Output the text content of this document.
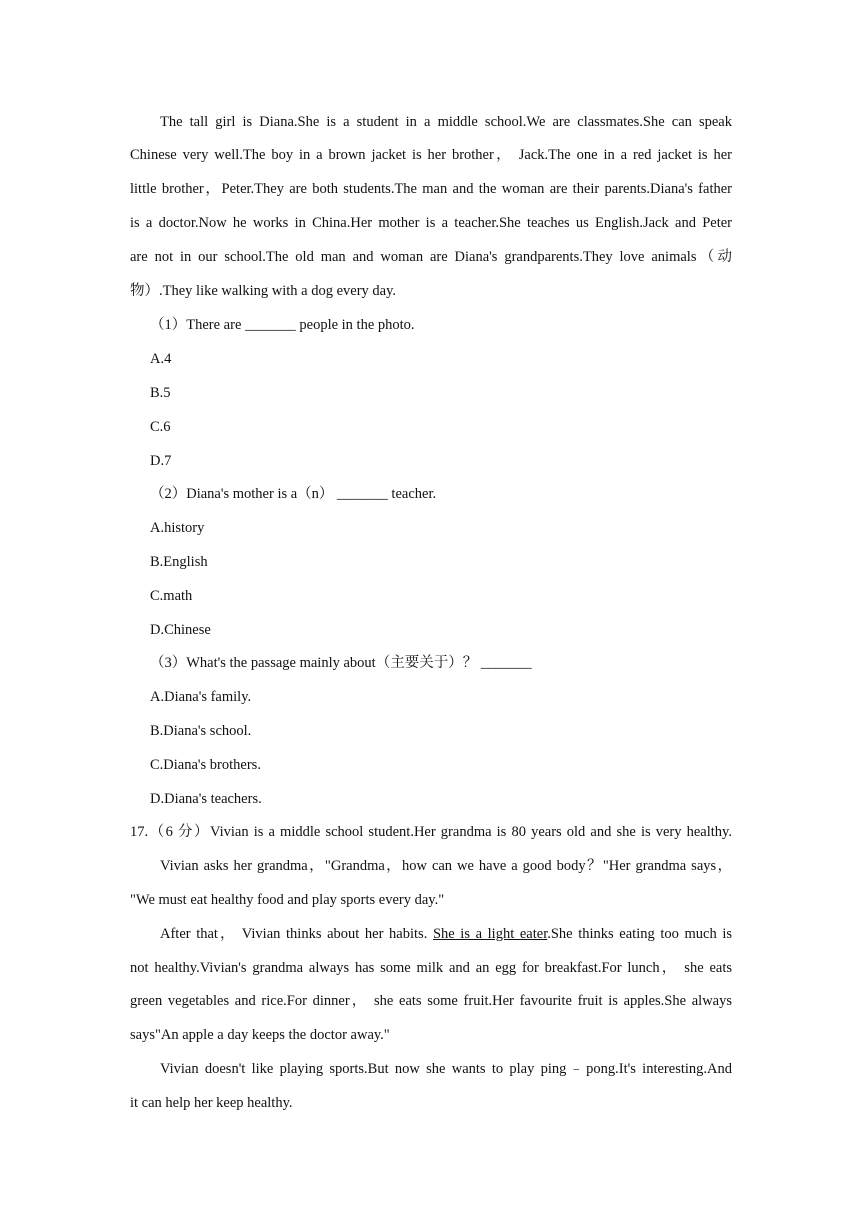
The tall girl is Diana.She is a student in a middle school.We are classmates.She can speak
Chinese very well.The boy in a brown jacket is her brother， Jack.The one in a red jacket is her
little brother，Peter.They are both students.The man and the woman are their parents.Diana's father
is a doctor.Now he works in China.Her mother is a teacher.She teaches us English.Jack and Peter
are not in our school.The old man and woman are Diana's grandparents.They love animals（动
物）.They like walking with a dog every day.
（1）There are _______ people in the photo.
A.4
B.5
C.6
D.7
（2）Diana's mother is a（n） _______ teacher.
A.history
B.English
C.math
D.Chinese
（3）What's the passage mainly about（主要关于）？ _______
A.Diana's family.
B.Diana's school.
C.Diana's brothers.
D.Diana's teachers.
17.（6 分）Vivian is a middle school student.Her grandma is 80 years old and she is very healthy.
Vivian asks her grandma，"Grandma，how can we have a good body？"Her grandma says，
"We must eat healthy food and play sports every day."
After that， Vivian thinks about her habits. She is a light eater.She thinks eating too much is
not healthy.Vivian's grandma always has some milk and an egg for breakfast.For lunch， she eats
green vegetables and rice.For dinner， she eats some fruit.Her favourite fruit is apples.She always
says"An apple a day keeps the doctor away."
Vivian doesn't like playing sports.But now she wants to play ping﹣pong.It's interesting.And
it can help her keep healthy.
